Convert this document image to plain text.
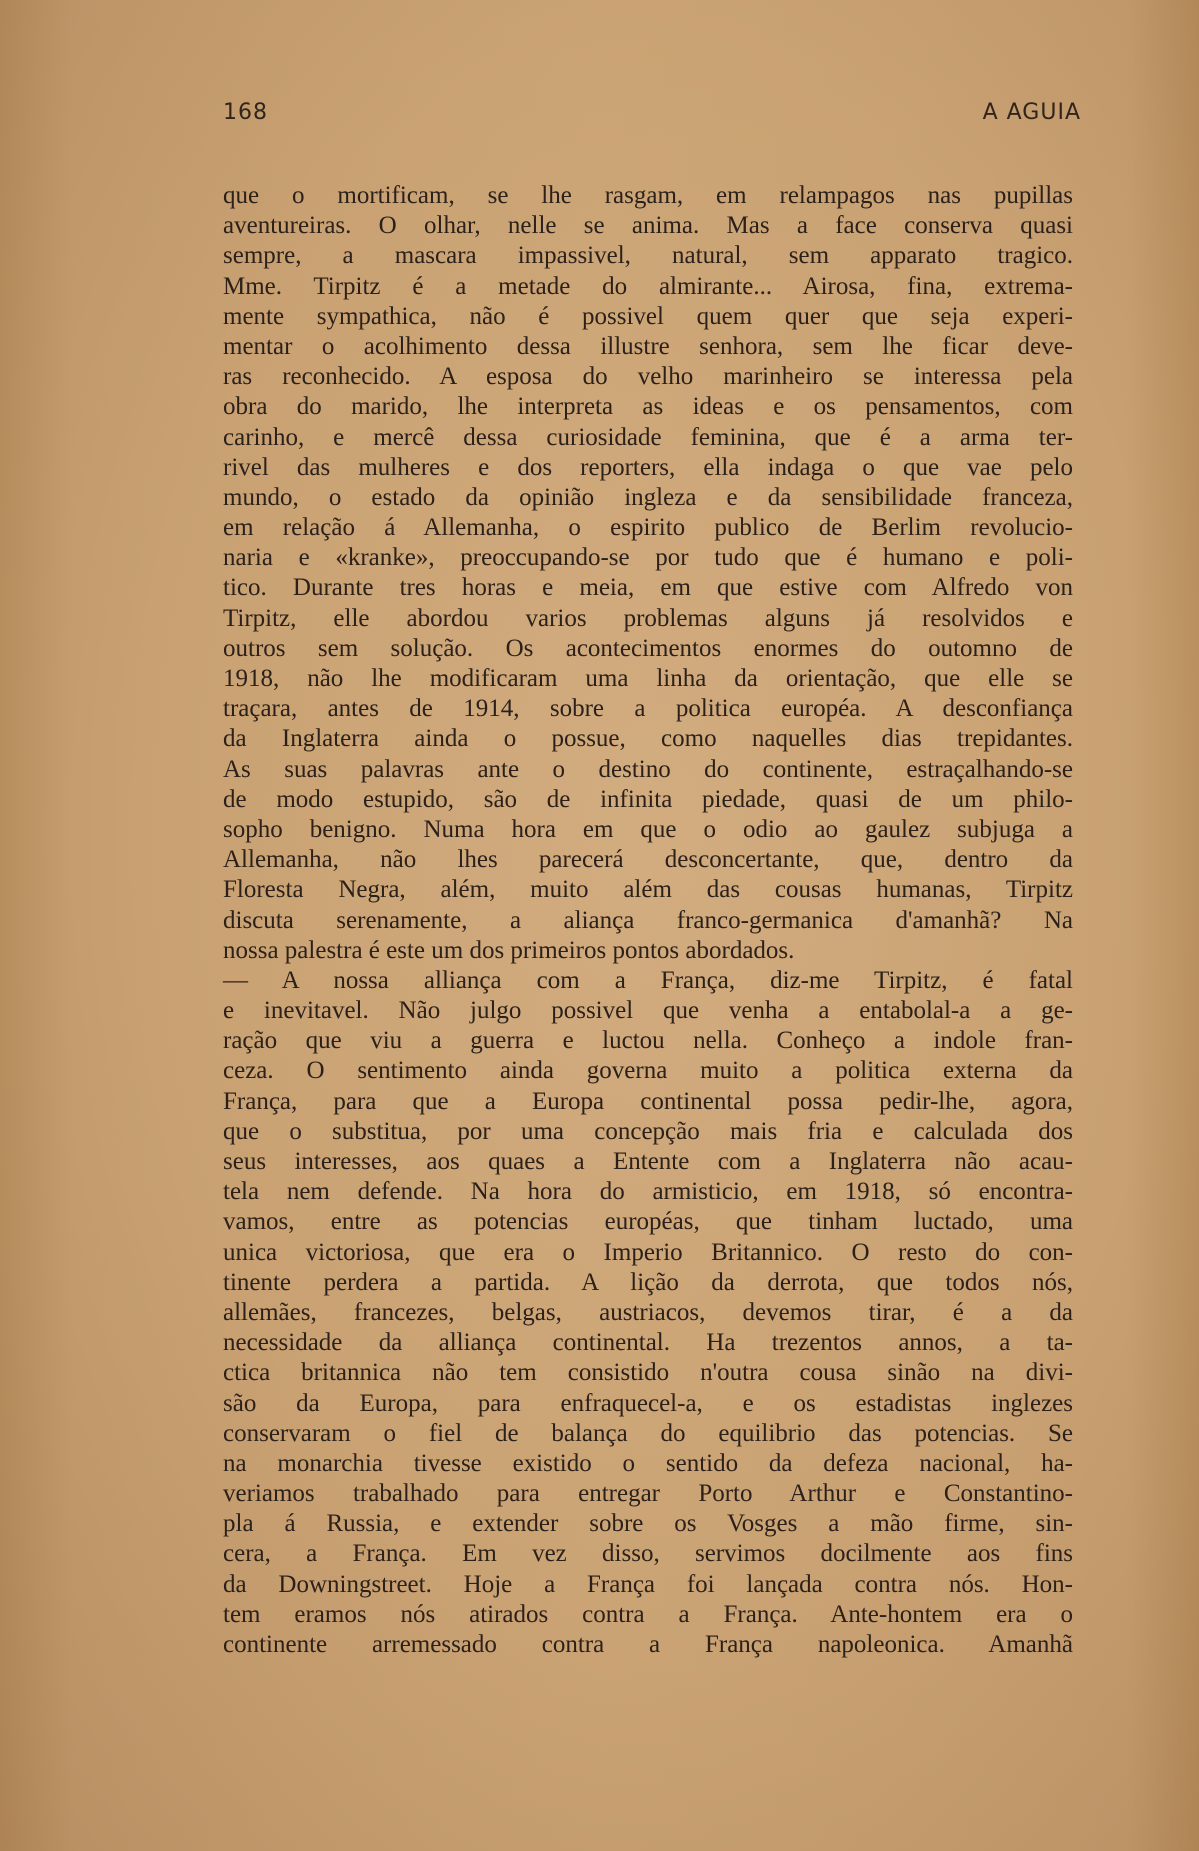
168	A AGUIA
que o mortificam, se lhe rasgam, em relampagos nas pupillas
aventureiras. O olhar, nelle se anima. Mas a face conserva quasi
sempre, a mascara impassivel, natural, sem apparato tragico.
Mme. Tirpitz é a metade do almirante... Airosa, fina, extrema-
mente sympathica, não é possivel quem quer que seja experi-
mentar o acolhimento dessa illustre senhora, sem lhe ficar deve-
ras reconhecido. A esposa do velho marinheiro se interessa pela
obra do marido, lhe interpreta as ideas e os pensamentos, com
carinho, e mercê dessa curiosidade feminina, que é a arma ter-
rivel das mulheres e dos reporters, ella indaga o que vae pelo
mundo, o estado da opinião ingleza e da sensibilidade franceza,
em relação á Allemanha, o espirito publico de Berlim revolucio-
naria e «kranke», preoccupando-se por tudo que é humano e poli-
tico. Durante tres horas e meia, em que estive com Alfredo von
Tirpitz, elle abordou varios problemas alguns já resolvidos e
outros sem solução. Os acontecimentos enormes do outomno de
1918, não lhe modificaram uma linha da orientação, que elle se
traçara, antes de 1914, sobre a politica européa. A desconfiança
da Inglaterra ainda o possue, como naquelles dias trepidantes.
As suas palavras ante o destino do continente, estraçalhando-se
de modo estupido, são de infinita piedade, quasi de um philo-
sopho benigno. Numa hora em que o odio ao gaulez subjuga a
Allemanha, não lhes parecerá desconcertante, que, dentro da
Floresta Negra, além, muito além das cousas humanas, Tirpitz
discuta serenamente, a aliança franco-germanica d'amanhã? Na
nossa palestra é este um dos primeiros pontos abordados.
— A nossa alliança com a França, diz-me Tirpitz, é fatal
e inevitavel. Não julgo possivel que venha a entabolal-a a ge-
ração que viu a guerra e luctou nella. Conheço a indole fran-
ceza. O sentimento ainda governa muito a politica externa da
França, para que a Europa continental possa pedir-lhe, agora,
que o substitua, por uma concepção mais fria e calculada dos
seus interesses, aos quaes a Entente com a Inglaterra não acau-
tela nem defende. Na hora do armisticio, em 1918, só encontra-
vamos, entre as potencias européas, que tinham luctado, uma
unica victoriosa, que era o Imperio Britannico. O resto do con-
tinente perdera a partida. A lição da derrota, que todos nós,
allemães, francezes, belgas, austriacos, devemos tirar, é a da
necessidade da alliança continental. Ha trezentos annos, a ta-
ctica britannica não tem consistido n'outra cousa sinão na divi-
são da Europa, para enfraquecel-a, e os estadistas inglezes
conservaram o fiel de balança do equilibrio das potencias. Se
na monarchia tivesse existido o sentido da defeza nacional, ha-
veriamos trabalhado para entregar Porto Arthur e Constantino-
pla á Russia, e extender sobre os Vosges a mão firme, sin-
cera, a França. Em vez disso, servimos docilmente aos fins
da Downingstreet. Hoje a França foi lançada contra nós. Hon-
tem eramos nós atirados contra a França. Ante-hontem era o
continente arremessado contra a França napoleonica. Amanhã
